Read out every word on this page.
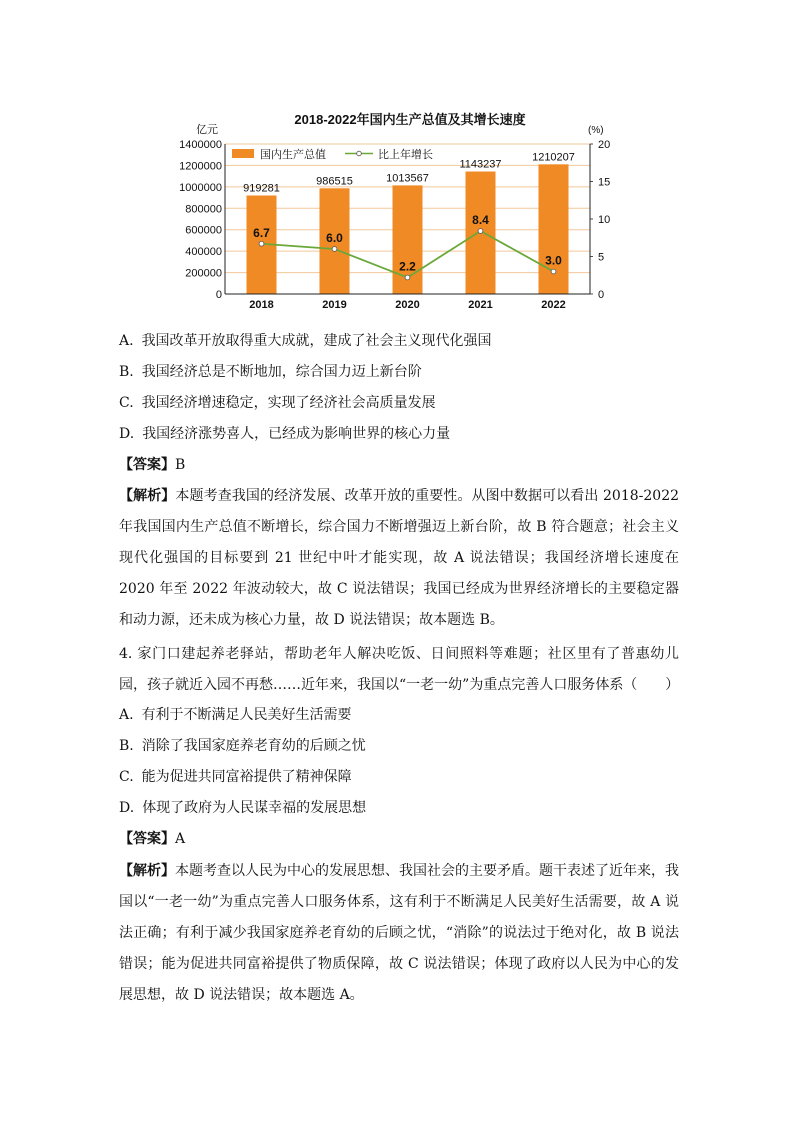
919281
986515	1013567
1143237
1210207
6.7	6.0
2.2
8.4
3.0
0
200000
400000
600000
800000
1000000
1200000
1400000
0
5
10
15
20
2018	2019	2020	2021	2022
2018-2022年国内生产总值及其增长速度
亿元	(%)
国内生产总值	比上年增长
A. 我国改革开放取得重大成就，建成了社会主义现代化强国
B. 我国经济总是不断地加，综合国力迈上新台阶
C. 我国经济增速稳定，实现了经济社会高质量发展
D. 我国经济涨势喜人，已经成为影响世界的核心力量
【答案】B
【解析】本题考查我国的经济发展、改革开放的重要性。从图中数据可以看出 2018-2022 年我国国内生产总值不断增长，综合国力不断增强迈上新台阶，故 B 符合题意；社会主义现代化强国的目标要到 21 世纪中叶才能实现，故 A 说法错误；我国经济增长速度在 2020 年至 2022 年波动较大，故 C 说法错误；我国已经成为世界经济增长的主要稳定器和动力源，还未成为核心力量，故 D 说法错误；故本题选 B。
4. 家门口建起养老驿站，帮助老年人解决吃饭、日间照料等难题；社区里有了普惠幼儿园，孩子就近入园不再愁……近年来，我国以“一老一幼”为重点完善人口服务体系（　　）
A. 有利于不断满足人民美好生活需要
B. 消除了我国家庭养老育幼的后顾之忧
C. 能为促进共同富裕提供了精神保障
D. 体现了政府为人民谋幸福的发展思想
【答案】A
【解析】本题考查以人民为中心的发展思想、我国社会的主要矛盾。题干表述了近年来，我国以“一老一幼”为重点完善人口服务体系，这有利于不断满足人民美好生活需要，故 A 说法正确；有利于减少我国家庭养老育幼的后顾之忧，“消除”的说法过于绝对化，故 B 说法错误；能为促进共同富裕提供了物质保障，故 C 说法错误；体现了政府以人民为中心的发展思想，故 D 说法错误；故本题选 A。
